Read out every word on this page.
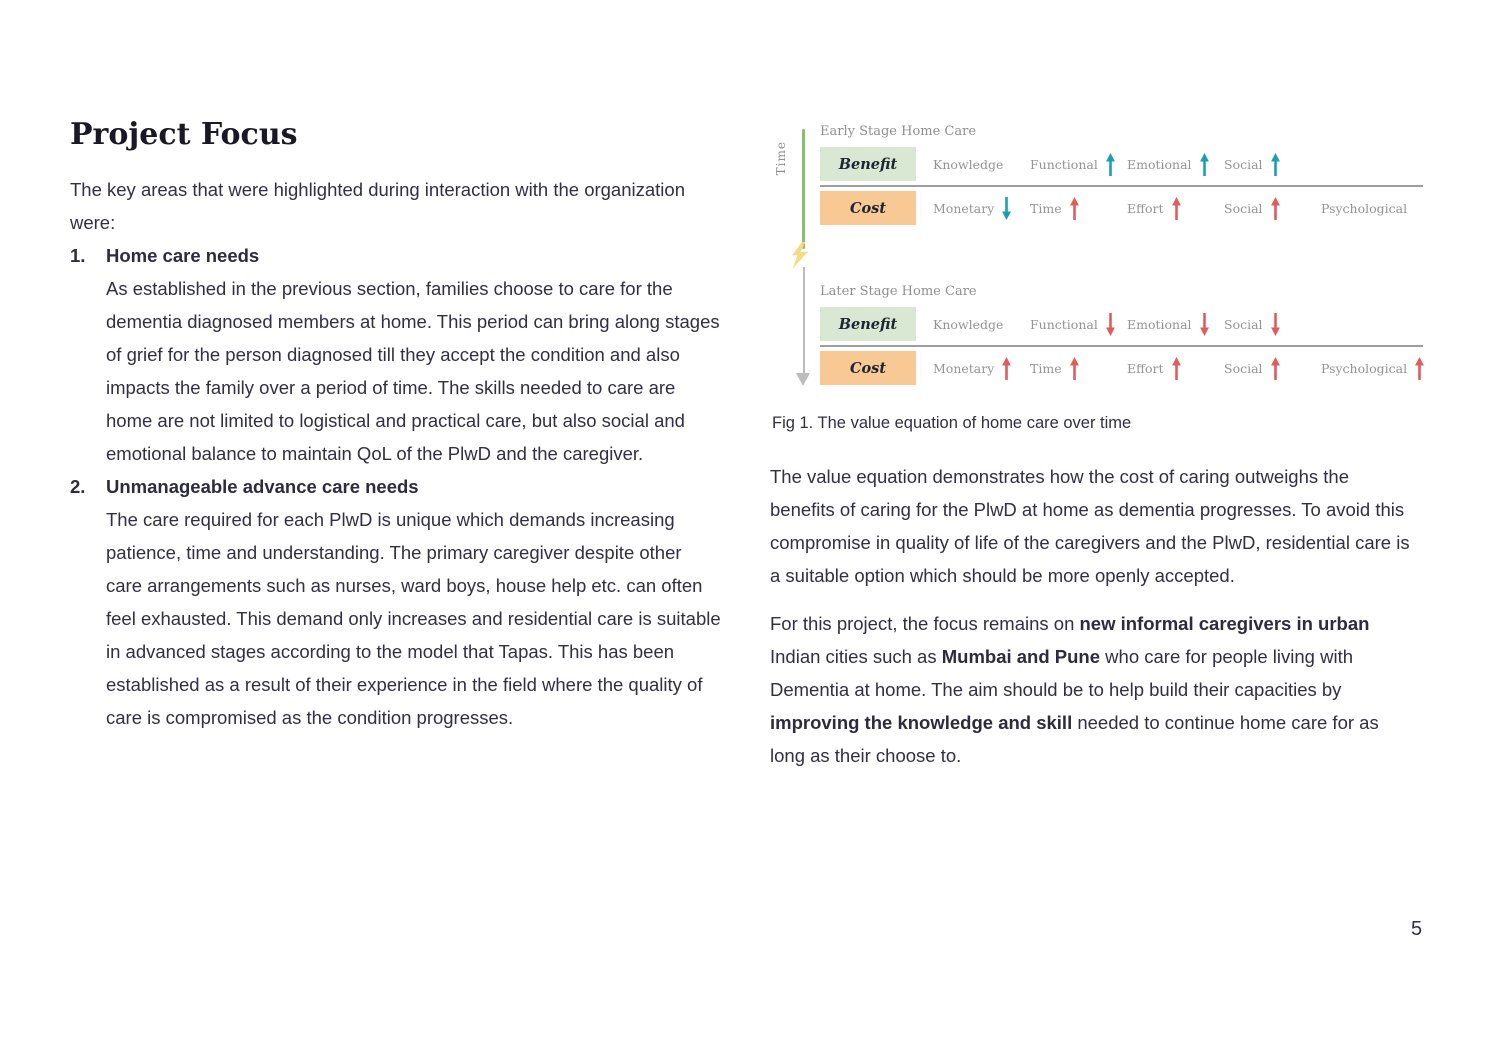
Project Focus

The key areas that were highlighted during interaction with the organization were:

1.	Home care needs

As established in the previous section, families choose to care for the dementia diagnosed members at home. This period can bring along stages of grief for the person diagnosed till they accept the condition and also impacts the family over a period of time. The skills needed to care are home are not limited to logistical and practical care, but also social and emotional balance to maintain QoL of the PlwD and the caregiver.

2.	Unmanageable advance care needs

The care required for each PlwD is unique which demands increasing patience, time and understanding. The primary caregiver despite other care arrangements such as nurses, ward boys, house help etc. can often feel exhausted. This demand only increases and residential care is suitable in advanced stages according to the model that Tapas. This has been established as a result of their experience in the field where the quality of care is compromised as the condition progresses.

Time
Early Stage Home Care
Benefit	Knowledge Functional Emotional	Social
Cost	Monetary	Time	Effort	Social	Psychological
Later Stage Home Care
Benefit	Knowledge Functional Emotional	Social
Cost	Monetary	Time	Effort	Social	Psychological

Fig 1. The value equation of home care over time

The value equation demonstrates how the cost of caring outweighs the benefits of caring for the PlwD at home as dementia progresses. To avoid this compromise in quality of life of the caregivers and the PlwD, residential care is a suitable option which should be more openly accepted.

For this project, the focus remains on new informal caregivers in urban Indian cities such as Mumbai and Pune who care for people living with Dementia at home. The aim should be to help build their capacities by improving the knowledge and skill needed to continue home care for as long as their choose to.

5
